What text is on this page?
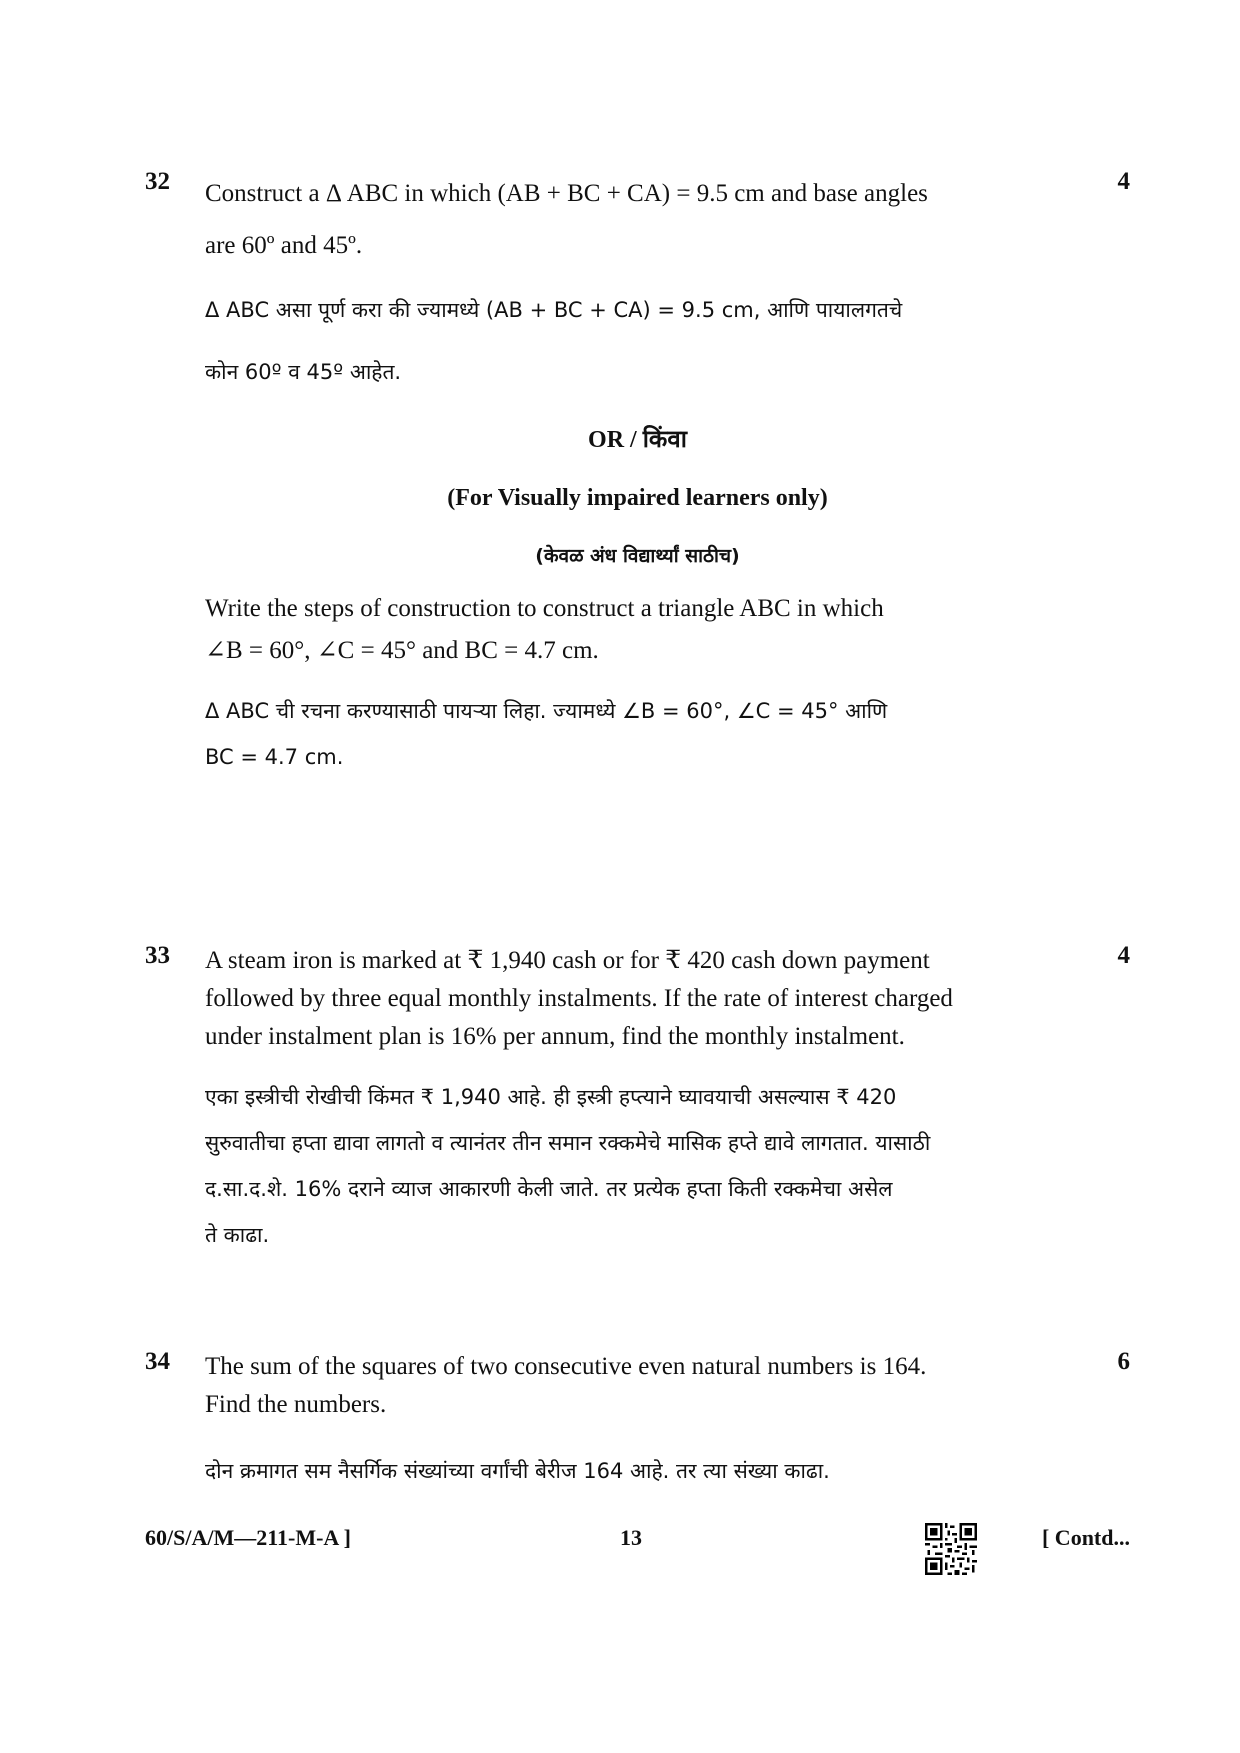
32	4
Construct a Δ ABC in which (AB + BC + CA) = 9.5 cm and base angles
are 60º and 45º.
Δ ABC असा पूर्ण करा की ज्यामध्ये (AB + BC + CA) = 9.5 cm, आणि पायालगतचे
कोन 60º व 45º आहेत.
OR / किंवा
(For Visually impaired learners only)
(केवळ अंध विद्यार्थ्यां साठीच)
Write the steps of construction to construct a triangle ABC in which
∠B = 60°, ∠C = 45° and BC = 4.7 cm.
Δ ABC ची रचना करण्यासाठी पायऱ्या लिहा. ज्यामध्ये ∠B = 60°, ∠C = 45° आणि
BC = 4.7 cm.
33	4
A steam iron is marked at ₹ 1,940 cash or for ₹ 420 cash down payment
followed by three equal monthly instalments. If the rate of interest charged
under instalment plan is 16% per annum, find the monthly instalment.
एका इस्त्रीची रोखीची किंमत ₹ 1,940 आहे. ही इस्त्री हप्त्याने घ्यावयाची असल्यास ₹ 420
सुरुवातीचा हप्ता द्यावा लागतो व त्यानंतर तीन समान रक्कमेचे मासिक हप्ते द्यावे लागतात. यासाठी
द.सा.द.शे. 16% दराने व्याज आकारणी केली जाते. तर प्रत्येक हप्ता किती रक्कमेचा असेल
ते काढा.
34	6
The sum of the squares of two consecutive even natural numbers is 164.
Find the numbers.
दोन क्रमागत सम नैसर्गिक संख्यांच्या वर्गांची बेरीज 164 आहे. तर त्या संख्या काढा.
60/S/A/M—211-M-A ]	13	[ Contd...
